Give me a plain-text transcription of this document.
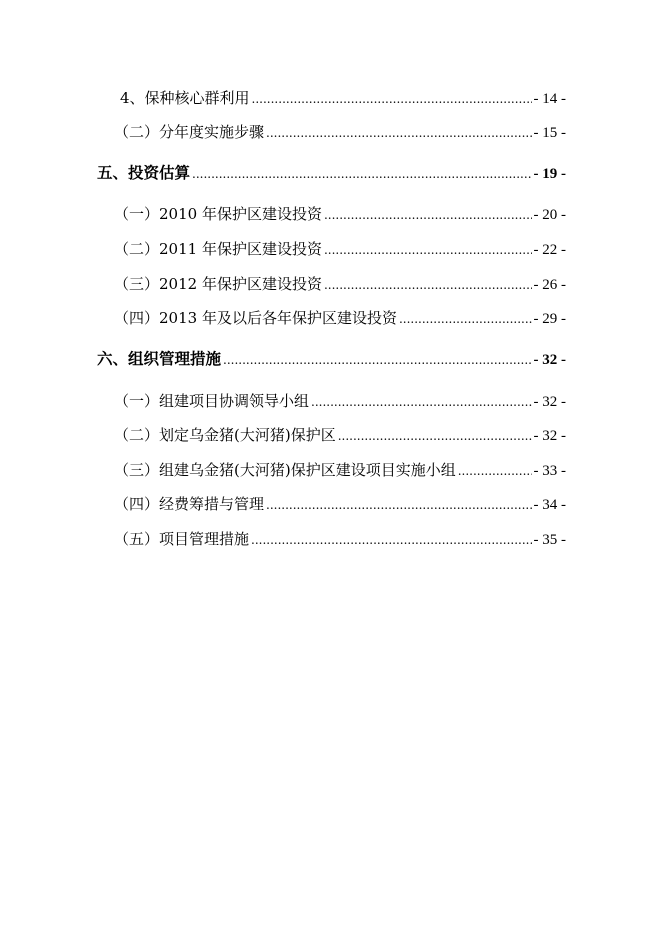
4、保种核心群利用 .....	- 14 -
（二）分年度实施步骤 .....	- 15 -
五、投资估算 .....	- 19 -
（一）2010 年保护区建设投资 .....	- 20 -
（二）2011 年保护区建设投资 .....	- 22 -
（三）2012 年保护区建设投资 .....	- 26 -
（四）2013 年及以后各年保护区建设投资 .....	- 29 -
六、组织管理措施 .....	- 32 -
（一）组建项目协调领导小组 .....	- 32 -
（二）划定乌金猪(大河猪)保护区 .....	- 32 -
（三）组建乌金猪(大河猪)保护区建设项目实施小组 .....	- 33 -
（四）经费筹措与管理 .....	- 34 -
（五）项目管理措施 .....	- 35 -
